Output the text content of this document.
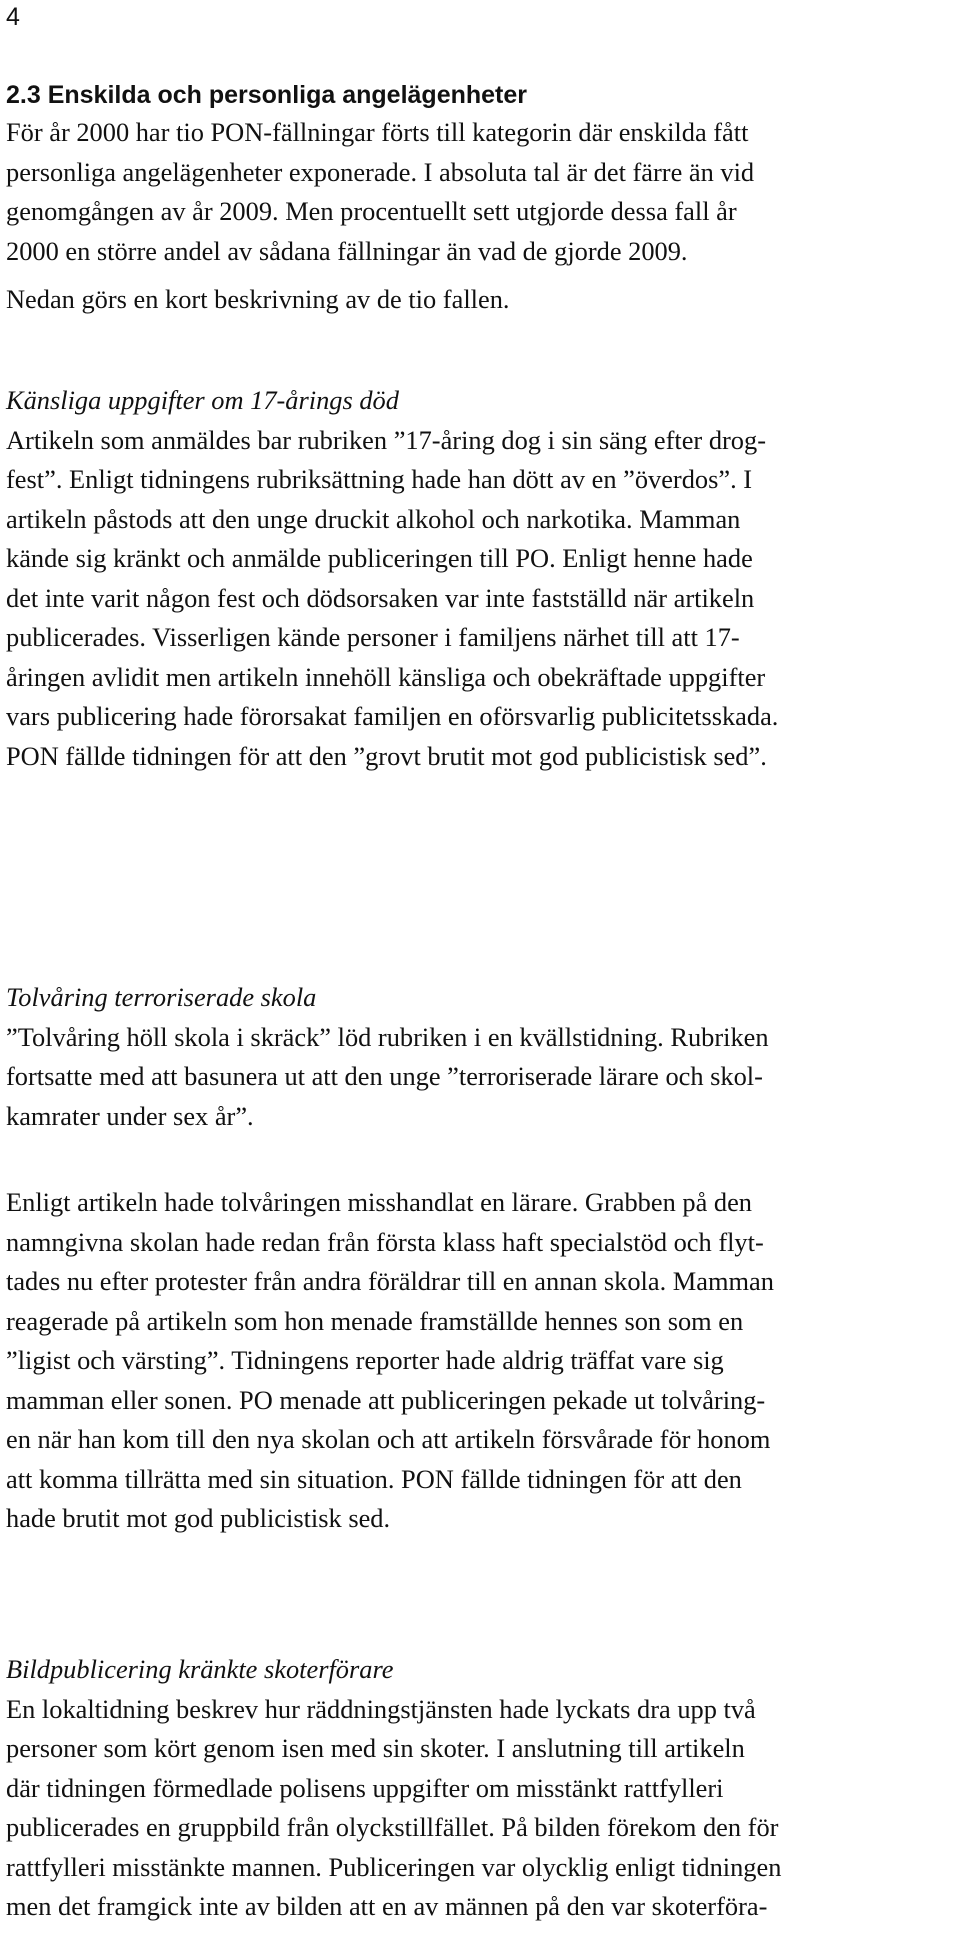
4
2.3 Enskilda och personliga angelägenheter

För år 2000 har tio PON-fällningar förts till kategorin där enskilda fått
personliga angelägenheter exponerade. I absoluta tal är det färre än vid
genomgången av år 2009. Men procentuellt sett utgjorde dessa fall år
2000 en större andel av sådana fällningar än vad de gjorde 2009.

Nedan görs en kort beskrivning av de tio fallen.

Känsliga uppgifter om 17-årings död

Artikeln som anmäldes bar rubriken ”17-åring dog i sin säng efter drog-
fest”. Enligt tidningens rubriksättning hade han dött av en ”överdos”. I
artikeln påstods att den unge druckit alkohol och narkotika. Mamman
kände sig kränkt och anmälde publiceringen till PO. Enligt henne hade
det inte varit någon fest och dödsorsaken var inte fastställd när artikeln
publicerades. Visserligen kände personer i familjens närhet till att 17-
åringen avlidit men artikeln innehöll känsliga och obekräftade uppgifter
vars publicering hade förorsakat familjen en oförsvarlig publicitetsskada.
PON fällde tidningen för att den ”grovt brutit mot god publicistisk sed”.

Tolvåring terroriserade skola

”Tolvåring höll skola i skräck” löd rubriken i en kvällstidning. Rubriken
fortsatte med att basunera ut att den unge ”terroriserade lärare och skol-
kamrater under sex år”.

Enligt artikeln hade tolvåringen misshandlat en lärare. Grabben på den
namngivna skolan hade redan från första klass haft specialstöd och flyt-
tades nu efter protester från andra föräldrar till en annan skola. Mamman
reagerade på artikeln som hon menade framställde hennes son som en
”ligist och värsting”. Tidningens reporter hade aldrig träffat vare sig
mamman eller sonen. PO menade att publiceringen pekade ut tolvåring-
en när han kom till den nya skolan och att artikeln försvårade för honom
att komma tillrätta med sin situation. PON fällde tidningen för att den
hade brutit mot god publicistisk sed.

Bildpublicering kränkte skoterförare

En lokaltidning beskrev hur räddningstjänsten hade lyckats dra upp två
personer som kört genom isen med sin skoter. I anslutning till artikeln
där tidningen förmedlade polisens uppgifter om misstänkt rattfylleri
publicerades en gruppbild från olyckstillfället. På bilden förekom den för
rattfylleri misstänkte mannen. Publiceringen var olycklig enligt tidningen
men det framgick inte av bilden att en av männen på den var skoterföra-
